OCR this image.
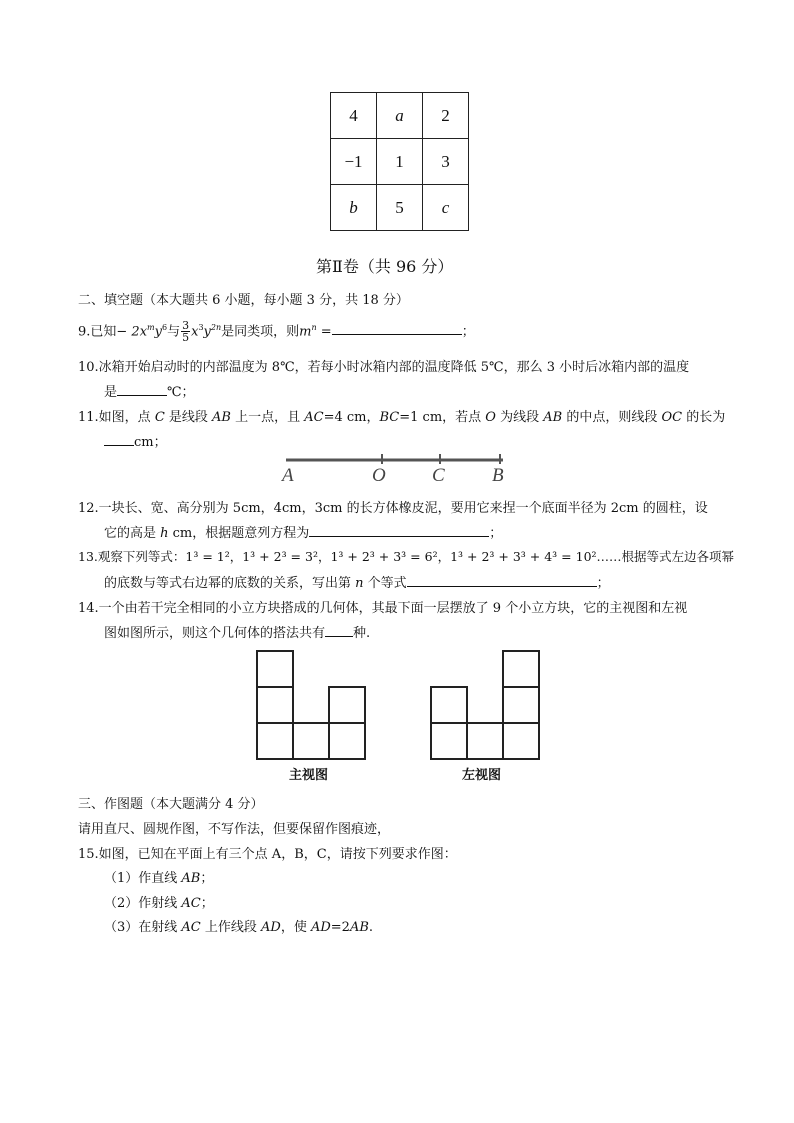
4	a	2
−1	1	3
b	5	c
第Ⅱ卷（共 96 分）
二、填空题（本大题共 6 小题，每小题 3 分，共 18 分）
9.已知− $2x^my^6$与 $\frac{3}{5} x^3y^{2n}$是同类项，则$m^n$ =	；
10.冰箱开始启动时的内部温度为 8℃，若每小时冰箱内部的温度降低 5℃，那么 3 小时后冰箱内部的温度
是	℃；
11.如图，点 C 是线段 AB 上一点，且 AC=4 cm，BC=1 cm，若点 O 为线段 AB 的中点，则线段 OC 的长为
cm；
A	O C B
12.一块长、宽、高分别为 5cm，4cm，3cm 的长方体橡皮泥，要用它来捏一个底面半径为 2cm 的圆柱，设
它的高是 h cm，根据题意列方程为	；
13.观察下列等式：1³ = 1²，1³ + 2³ = 3²，1³ + 2³ + 3³ = 6²，1³ + 2³ + 3³ + 4³ = 10²……根据等式左边各项幂
的底数与等式右边幂的底数的关系，写出第 n 个等式	；
14.一个由若干完全相同的小立方块搭成的几何体，其最下面一层摆放了 9 个小立方块，它的主视图和左视
图如图所示，则这个几何体的搭法共有 种.
主视图	左视图
三、作图题（本大题满分 4 分）
请用直尺、圆规作图，不写作法，但要保留作图痕迹，
15.如图，已知在平面上有三个点 A，B，C，请按下列要求作图：
（1）作直线 AB；
（2）作射线 AC；
（3）在射线 AC 上作线段 AD，使 AD=2AB.
